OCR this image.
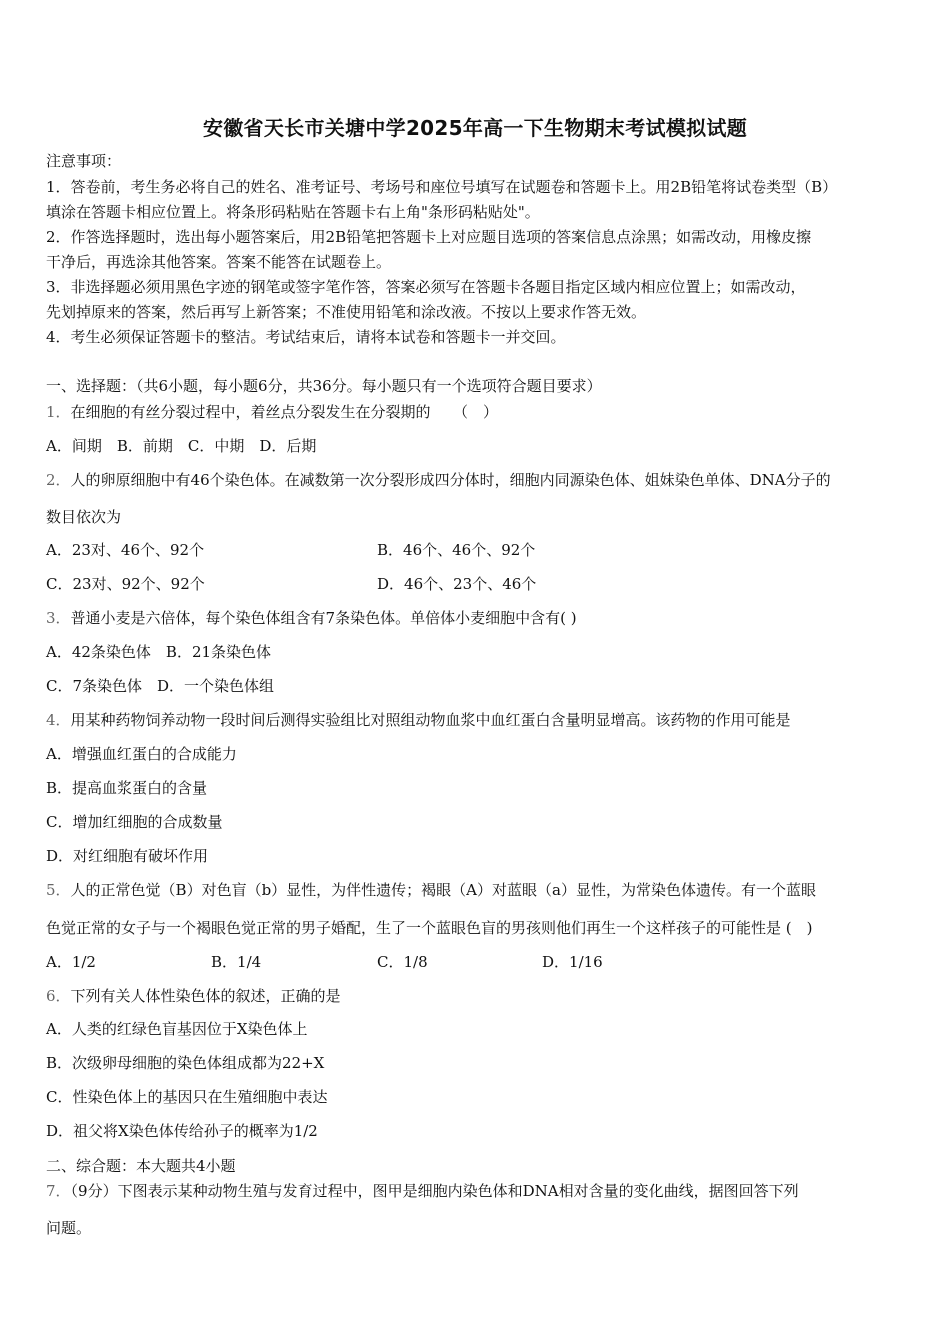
安徽省天长市关塘中学2025年高一下生物期末考试模拟试题
注意事项：
1．答卷前，考生务必将自己的姓名、准考证号、考场号和座位号填写在试题卷和答题卡上。用2B铅笔将试卷类型（B）
填涂在答题卡相应位置上。将条形码粘贴在答题卡右上角"条形码粘贴处"。
2．作答选择题时，选出每小题答案后，用2B铅笔把答题卡上对应题目选项的答案信息点涂黑；如需改动，用橡皮擦
干净后，再选涂其他答案。答案不能答在试题卷上。
3．非选择题必须用黑色字迹的钢笔或签字笔作答，答案必须写在答题卡各题目指定区域内相应位置上；如需改动，
先划掉原来的答案，然后再写上新答案；不准使用铅笔和涂改液。不按以上要求作答无效。
4．考生必须保证答题卡的整洁。考试结束后，请将本试卷和答题卡一并交回。
一、选择题：（共6小题，每小题6分，共36分。每小题只有一个选项符合题目要求）
1．在细胞的有丝分裂过程中，着丝点分裂发生在分裂期的　　（　）
A．间期　B．前期　C．中期　D．后期
2．人的卵原细胞中有46个染色体。在减数第一次分裂形成四分体时，细胞内同源染色体、姐妹染色单体、DNA分子的
数目依次为
A．23对、46个、92个	B．46个、46个、92个
C．23对、92个、92个	D．46个、23个、46个
3．普通小麦是六倍体，每个染色体组含有7条染色体。单倍体小麦细胞中含有( )
A．42条染色体　B．21条染色体
C．7条染色体　D．一个染色体组
4．用某种药物饲养动物一段时间后测得实验组比对照组动物血浆中血红蛋白含量明显增高。该药物的作用可能是
A．增强血红蛋白的合成能力
B．提高血浆蛋白的含量
C．增加红细胞的合成数量
D．对红细胞有破坏作用
5．人的正常色觉（B）对色盲（b）显性，为伴性遗传；褐眼（A）对蓝眼（a）显性，为常染色体遗传。有一个蓝眼
色觉正常的女子与一个褐眼色觉正常的男子婚配，生了一个蓝眼色盲的男孩则他们再生一个这样孩子的可能性是 (　)
A．1/2	B．1/4	C．1/8	D．1/16
6．下列有关人体性染色体的叙述，正确的是
A．人类的红绿色盲基因位于X染色体上
B．次级卵母细胞的染色体组成都为22+X
C．性染色体上的基因只在生殖细胞中表达
D．祖父将X染色体传给孙子的概率为1/2
二、综合题：本大题共4小题
7．（9分）下图表示某种动物生殖与发育过程中，图甲是细胞内染色体和DNA相对含量的变化曲线，据图回答下列
问题。
